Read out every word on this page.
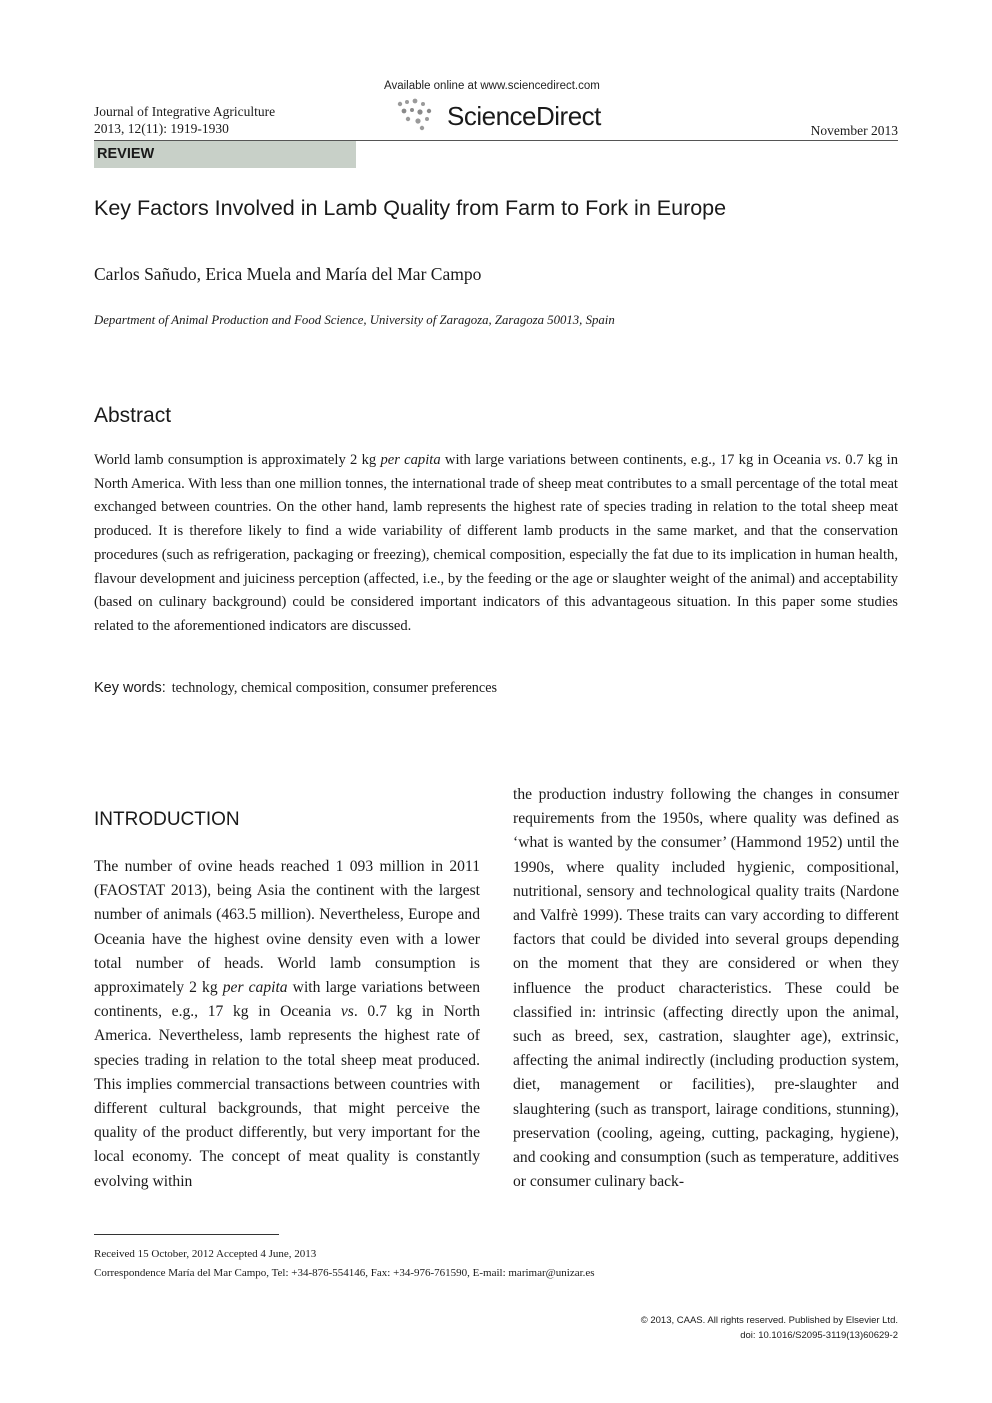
Journal of Integrative Agriculture
2013, 12(11): 1919-1930
Available online at www.sciencedirect.com
ScienceDirect	November 2013
REVIEW
Key Factors Involved in Lamb Quality from Farm to Fork in Europe
Carlos Sañudo, Erica Muela and María del Mar Campo
Department of Animal Production and Food Science, University of Zaragoza, Zaragoza 50013, Spain
Abstract

World lamb consumption is approximately 2 kg per capita with large variations between continents, e.g., 17 kg in Oceania vs. 0.7 kg in North America. With less than one million tonnes, the international trade of sheep meat contributes to a small percentage of the total meat exchanged between countries. On the other hand, lamb represents the highest rate of species trading in relation to the total sheep meat produced. It is therefore likely to find a wide variability of different lamb products in the same market, and that the conservation procedures (such as refrigeration, packaging or freezing), chemical composition, especially the fat due to its implication in human health, flavour development and juiciness perception (affected, i.e., by the feeding or the age or slaughter weight of the animal) and acceptability (based on culinary background) could be considered important indicators of this advantageous situation. In this paper some studies related to the aforementioned indicators are discussed.

Key words: technology, chemical composition, consumer preferences
INTRODUCTION

The number of ovine heads reached 1 093 million in 2011 (FAOSTAT 2013), being Asia the continent with the largest number of animals (463.5 million). Nevertheless, Europe and Oceania have the highest ovine density even with a lower total number of heads. World lamb consumption is approximately 2 kg per capita with large variations between continents, e.g., 17 kg in Oceania vs. 0.7 kg in North America. Nevertheless, lamb represents the highest rate of species trading in relation to the total sheep meat produced. This implies commercial transactions between countries with different cultural backgrounds, that might perceive the quality of the product differently, but very important for the local economy. The concept of meat quality is constantly evolving within

the production industry following the changes in consumer requirements from the 1950s, where quality was defined as ‘what is wanted by the consumer’ (Hammond 1952) until the 1990s, where quality included hygienic, compositional, nutritional, sensory and technological quality traits (Nardone and Valfrè 1999). These traits can vary according to different factors that could be divided into several groups depending on the moment that they are considered or when they influence the product characteristics. These could be classified in: intrinsic (affecting directly upon the animal, such as breed, sex, castration, slaughter age), extrinsic, affecting the animal indirectly (including production system, diet, management or facilities), pre-slaughter and slaughtering (such as transport, lairage conditions, stunning), preservation (cooling, ageing, cutting, packaging, hygiene), and cooking and consumption (such as temperature, additives or consumer culinary back-

Received 15 October, 2012 Accepted 4 June, 2013
Correspondence María del Mar Campo, Tel: +34-876-554146, Fax: +34-976-761590, E-mail: marimar@unizar.es
© 2013, CAAS. All rights reserved. Published by Elsevier Ltd.
doi: 10.1016/S2095-3119(13)60629-2
